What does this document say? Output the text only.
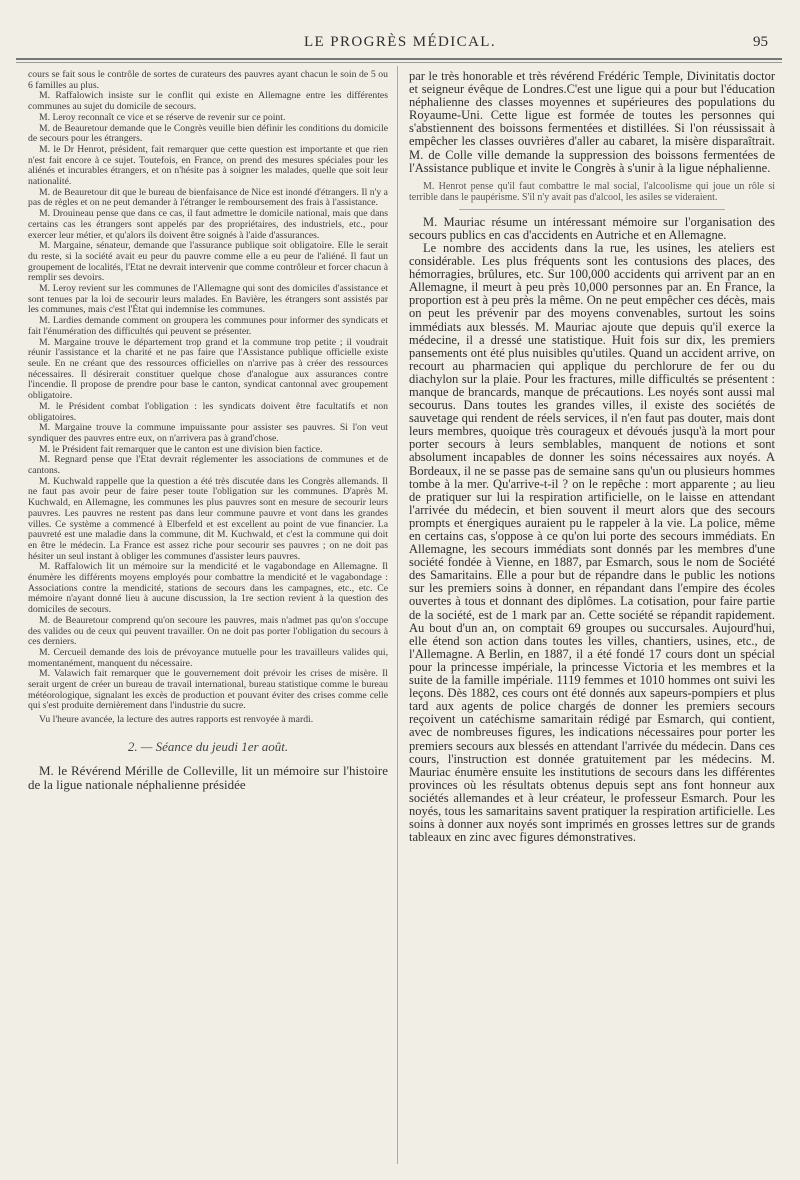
LE PROGRÈS MÉDICAL.	95

cours se fait sous le contrôle de sortes de curateurs des pauvres ayant chacun le soin de 5 ou 6 familles au plus.

M. Raffalowich insiste sur le conflit qui existe en Allemagne entre les différentes communes au sujet du domicile de secours.

M. Leroy reconnaît ce vice et se réserve de revenir sur ce point.

M. de Beauretour demande que le Congrès veuille bien définir les conditions du domicile de secours pour les étrangers.

M. le Dr Henrot, président, fait remarquer que cette question est importante et que rien n'est fait encore à ce sujet. Toutefois, en France, on prend des mesures spéciales pour les aliénés et incurables étrangers, et on n'hésite pas à soigner les malades, quelle que soit leur nationalité.

M. de Beauretour dit que le bureau de bienfaisance de Nice est inondé d'étrangers. Il n'y a pas de règles et on ne peut demander à l'étranger le remboursement des frais à l'assistance.

M. Drouineau pense que dans ce cas, il faut admettre le domicile national, mais que dans certains cas les étrangers sont appelés par des propriétaires, des industriels, etc., pour exercer leur métier, et qu'alors ils doivent être soignés à l'aide d'assurances.

M. Margaine, sénateur, demande que l'assurance publique soit obligatoire. Elle le serait du reste, si la société avait eu peur du pauvre comme elle a eu peur de l'aliéné. Il faut un groupement de localités, l'Etat ne devrait intervenir que comme contrôleur et forcer chacun à remplir ses devoirs.

M. Leroy revient sur les communes de l'Allemagne qui sont des domiciles d'assistance et sont tenues par la loi de secourir leurs malades. En Bavière, les étrangers sont assistés par les communes, mais c'est l'État qui indemnise les communes.

M. Lardies demande comment on groupera les communes pour informer des syndicats et fait l'énumération des difficultés qui peuvent se présenter.

M. Margaine trouve le département trop grand et la commune trop petite ; il voudrait réunir l'assistance et la charité et ne pas faire que l'Assistance publique officielle existe seule. En ne créant que des ressources officielles on n'arrive pas à créer des ressources nécessaires. Il désirerait constituer quelque chose d'analogue aux assurances contre l'incendie. Il propose de prendre pour base le canton, syndicat cantonnal avec groupement obligatoire.

M. le Président combat l'obligation : les syndicats doivent être facultatifs et non obligatoires.

M. Margaine trouve la commune impuissante pour assister ses pauvres. Si l'on veut syndiquer des pauvres entre eux, on n'arrivera pas à grand'chose.

M. le Président fait remarquer que le canton est une division bien factice.

M. Regnard pense que l'Etat devrait réglementer les associations de communes et de cantons.

M. Kuchwald rappelle que la question a été très discutée dans les Congrès allemands. Il ne faut pas avoir peur de faire peser toute l'obligation sur les communes. D'après M. Kuchwald, en Allemagne, les communes les plus pauvres sont en mesure de secourir leurs pauvres. Les pauvres ne restent pas dans leur commune pauvre et vont dans les grandes villes. Ce système a commencé à Elberfeld et est excellent au point de vue financier. La pauvreté est une maladie dans la commune, dit M. Kuchwald, et c'est la commune qui doit en être le médecin. La France est assez riche pour secourir ses pauvres ; on ne doit pas hésiter un seul instant à obliger les communes d'assister leurs pauvres.

M. Raffalowich lit un mémoire sur la mendicité et le vagabondage en Allemagne. Il énumère les différents moyens employés pour combattre la mendicité et le vagabondage : Associations contre la mendicité, stations de secours dans les campagnes, etc., etc. Ce mémoire n'ayant donné lieu à aucune discussion, la 1re section revient à la question des domiciles de secours.

M. de Beauretour comprend qu'on secoure les pauvres, mais n'admet pas qu'on s'occupe des valides ou de ceux qui peuvent travailler. On ne doit pas porter l'obligation du secours à ces derniers.

M. Cercueil demande des lois de prévoyance mutuelle pour les travailleurs valides qui, momentanément, manquent du nécessaire.

M. Valawich fait remarquer que le gouvernement doit prévoir les crises de misère. Il serait urgent de créer un bureau de travail international, bureau statistique comme le bureau météorologique, signalant les excès de production et pouvant éviter des crises comme celle qui s'est produite dernièrement dans l'industrie du sucre.

Vu l'heure avancée, la lecture des autres rapports est renvoyée à mardi.

2. — Séance du jeudi 1er août.

M. le Révérend Mérille de Colleville, lit un mémoire sur l'histoire de la ligue nationale néphalienne présidée

par le très honorable et très révérend Frédéric Temple, Divinitatis doctor et seigneur évêque de Londres.C'est une ligue qui a pour but l'éducation néphalienne des classes moyennes et supérieures des populations du Royaume-Uni. Cette ligue est formée de toutes les personnes qui s'abstiennent des boissons fermentées et distillées. Si l'on réussissait à empêcher les classes ouvrières d'aller au cabaret, la misère disparaîtrait. M. de Colle ville demande la suppression des boissons fermentées de l'Assistance publique et invite le Congrès à s'unir à la ligue néphalienne.

M. Henrot pense qu'il faut combattre le mal social, l'alcoolisme qui joue un rôle si terrible dans le paupérisme. S'il n'y avait pas d'alcool, les asiles se videraient.

M. Mauriac résume un intéressant mémoire sur l'organisation des secours publics en cas d'accidents en Autriche et en Allemagne.

Le nombre des accidents dans la rue, les usines, les ateliers est considérable. Les plus fréquents sont les contusions des places, des hémorragies, brûlures, etc. Sur 100,000 accidents qui arrivent par an en Allemagne, il meurt à peu près 10,000 personnes par an. En France, la proportion est à peu près la même. On ne peut empêcher ces décès, mais on peut les prévenir par des moyens convenables, surtout les soins immédiats aux blessés. M. Mauriac ajoute que depuis qu'il exerce la médecine, il a dressé une statistique. Huit fois sur dix, les premiers pansements ont été plus nuisibles qu'utiles. Quand un accident arrive, on recourt au pharmacien qui applique du perchlorure de fer ou du diachylon sur la plaie. Pour les fractures, mille difficultés se présentent : manque de brancards, manque de précautions. Les noyés sont aussi mal secourus. Dans toutes les grandes villes, il existe des sociétés de sauvetage qui rendent de réels services, il n'en faut pas douter, mais dont leurs membres, quoique très courageux et dévoués jusqu'à la mort pour porter secours à leurs semblables, manquent de notions et sont absolument incapables de donner les soins nécessaires aux noyés. A Bordeaux, il ne se passe pas de semaine sans qu'un ou plusieurs hommes tombe à la mer. Qu'arrive-t-il ? on le repêche : mort apparente ; au lieu de pratiquer sur lui la respiration artificielle, on le laisse en attendant l'arrivée du médecin, et bien souvent il meurt alors que des secours prompts et énergiques auraient pu le rappeler à la vie. La police, même en certains cas, s'oppose à ce qu'on lui porte des secours immédiats. En Allemagne, les secours immédiats sont donnés par les membres d'une société fondée à Vienne, en 1887, par Esmarch, sous le nom de Société des Samaritains. Elle a pour but de répandre dans le public les notions sur les premiers soins à donner, en répandant dans l'empire des écoles ouvertes à tous et donnant des diplômes. La cotisation, pour faire partie de la société, est de 1 mark par an. Cette société se répandit rapidement. Au bout d'un an, on comptait 69 groupes ou succursales. Aujourd'hui, elle étend son action dans toutes les villes, chantiers, usines, etc., de l'Allemagne. A Berlin, en 1887, il a été fondé 17 cours dont un spécial pour la princesse impériale, la princesse Victoria et les membres et la suite de la famille impériale. 1119 femmes et 1010 hommes ont suivi les leçons. Dès 1882, ces cours ont été donnés aux sapeurs-pompiers et plus tard aux agents de police chargés de donner les premiers secours reçoivent un catéchisme samaritain rédigé par Esmarch, qui contient, avec de nombreuses figures, les indications nécessaires pour porter les premiers secours aux blessés en attendant l'arrivée du médecin. Dans ces cours, l'instruction est donnée gratuitement par les médecins. M. Mauriac énumère ensuite les institutions de secours dans les différentes provinces où les résultats obtenus depuis sept ans font honneur aux sociétés allemandes et à leur créateur, le professeur Esmarch. Pour les noyés, tous les samaritains savent pratiquer la respiration artificielle. Les soins à donner aux noyés sont imprimés en grosses lettres sur de grands tableaux en zinc avec figures démonstratives.
